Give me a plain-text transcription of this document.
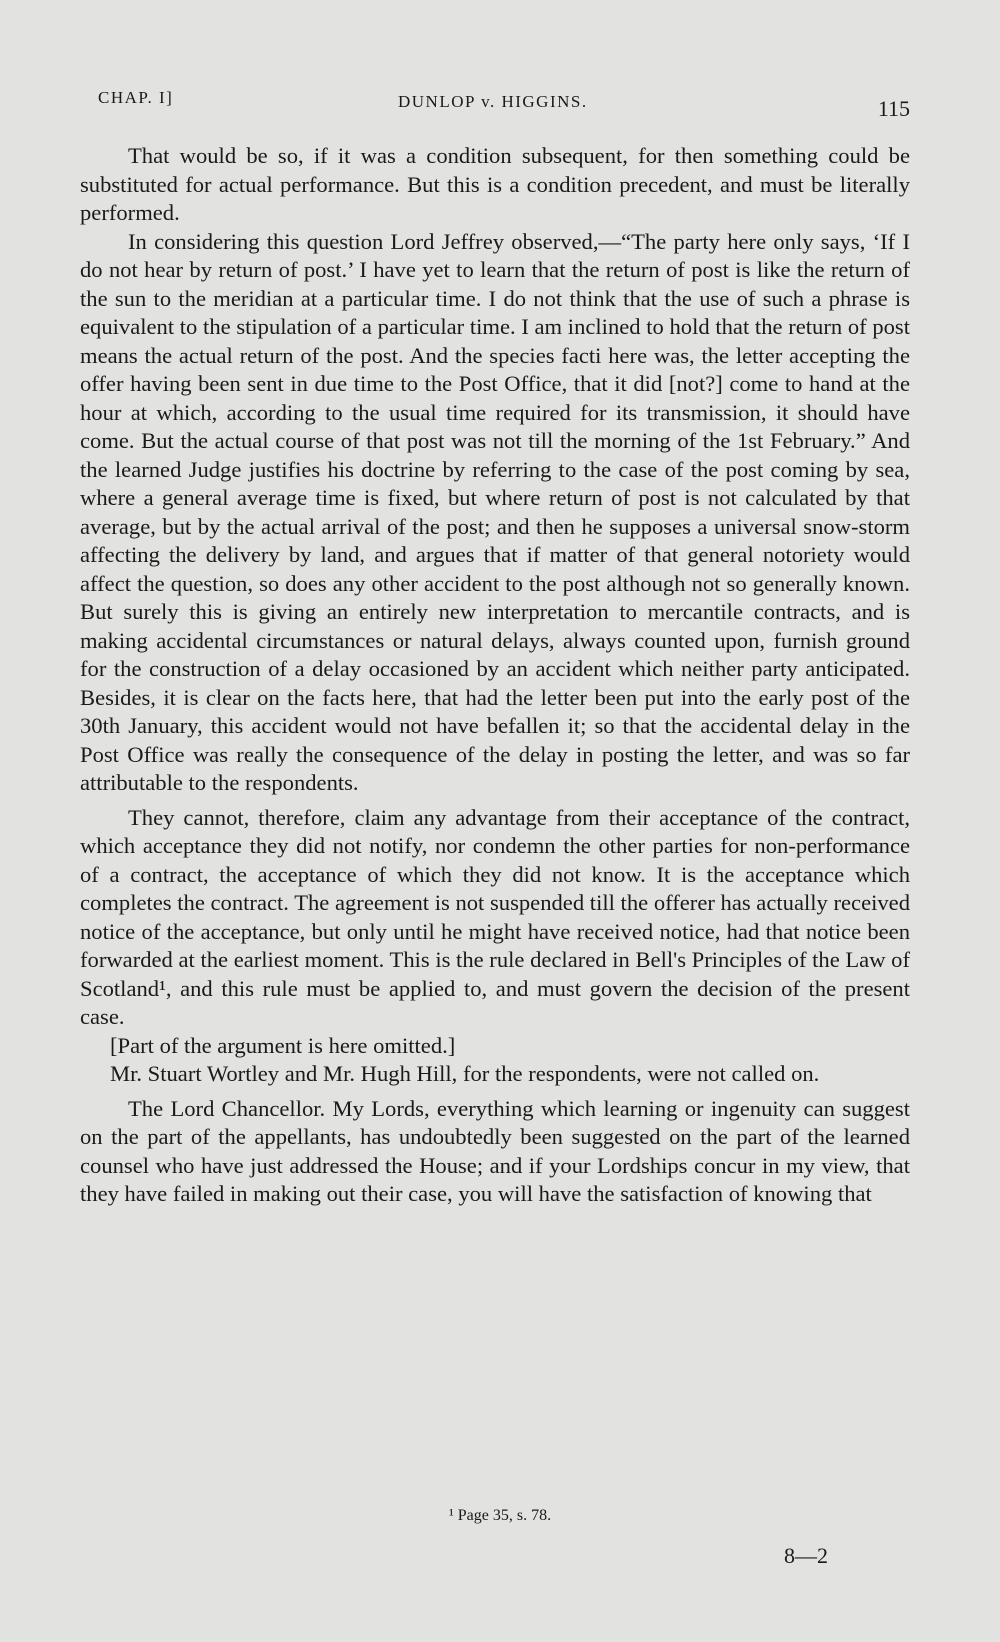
CHAP. I]	DUNLOP v. HIGGINS.	115

That would be so, if it was a condition subsequent, for then something could be substituted for actual performance. But this is a condition precedent, and must be literally performed.

In considering this question Lord Jeffrey observed,—“The party here only says, ‘If I do not hear by return of post.’ I have yet to learn that the return of post is like the return of the sun to the meridian at a particular time. I do not think that the use of such a phrase is equivalent to the stipulation of a particular time. I am inclined to hold that the return of post means the actual return of the post. And the species facti here was, the letter accepting the offer having been sent in due time to the Post Office, that it did [not?] come to hand at the hour at which, according to the usual time required for its transmission, it should have come. But the actual course of that post was not till the morning of the 1st February.” And the learned Judge justifies his doctrine by referring to the case of the post coming by sea, where a general average time is fixed, but where return of post is not calculated by that average, but by the actual arrival of the post; and then he supposes a universal snow-storm affecting the delivery by land, and argues that if matter of that general notoriety would affect the question, so does any other accident to the post although not so generally known. But surely this is giving an entirely new interpretation to mercantile contracts, and is making accidental circumstances or natural delays, always counted upon, furnish ground for the construction of a delay occasioned by an accident which neither party anticipated. Besides, it is clear on the facts here, that had the letter been put into the early post of the 30th January, this accident would not have befallen it; so that the accidental delay in the Post Office was really the consequence of the delay in posting the letter, and was so far attributable to the respondents.

They cannot, therefore, claim any advantage from their acceptance of the contract, which acceptance they did not notify, nor condemn the other parties for non-performance of a contract, the acceptance of which they did not know. It is the acceptance which completes the contract. The agreement is not suspended till the offerer has actually received notice of the acceptance, but only until he might have received notice, had that notice been forwarded at the earliest moment. This is the rule declared in Bell's Principles of the Law of Scotland¹, and this rule must be applied to, and must govern the decision of the present case.

[Part of the argument is here omitted.]

Mr. Stuart Wortley and Mr. Hugh Hill, for the respondents, were not called on.

The Lord Chancellor. My Lords, everything which learning or ingenuity can suggest on the part of the appellants, has undoubtedly been suggested on the part of the learned counsel who have just addressed the House; and if your Lordships concur in my view, that they have failed in making out their case, you will have the satisfaction of knowing that

¹ Page 35, s. 78.
8—2
